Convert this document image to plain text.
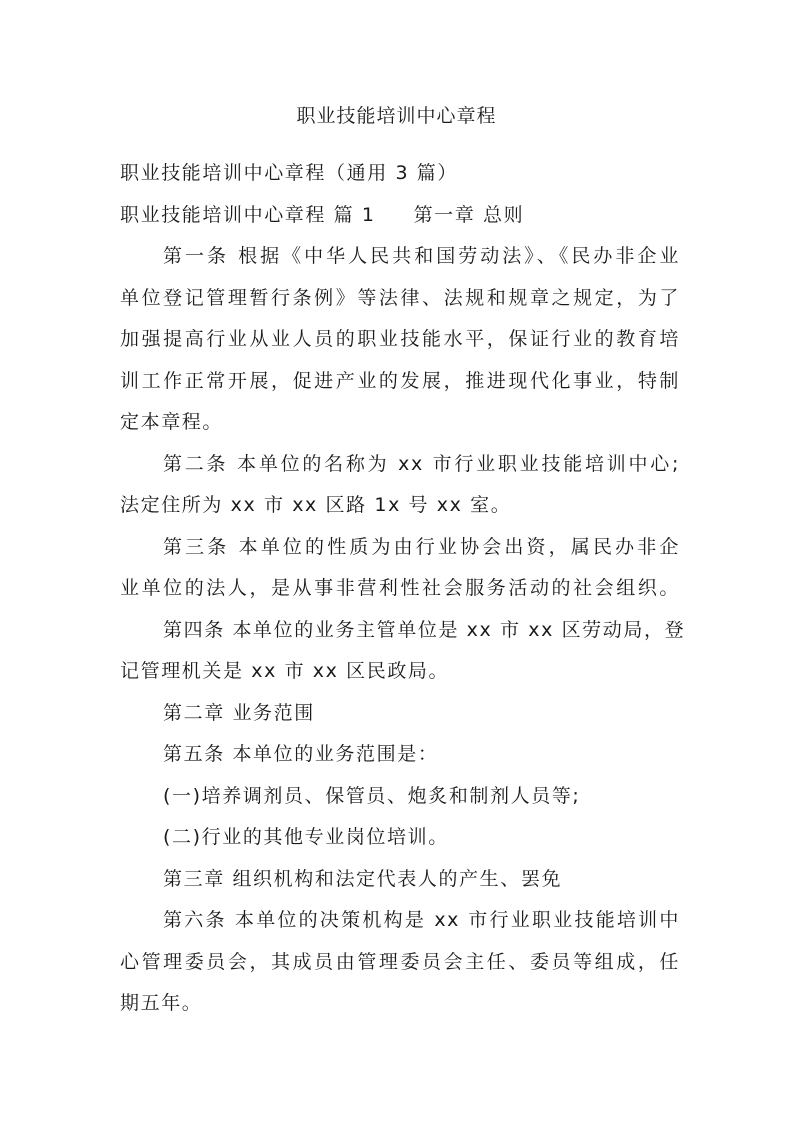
职业技能培训中心章程
职业技能培训中心章程（通用 3 篇）
职业技能培训中心章程 篇 1 第一章 总则
第一条 根据《中华人民共和国劳动法》、《民办非企业
单位登记管理暂行条例》等法律、法规和规章之规定，为了
加强提高行业从业人员的职业技能水平，保证行业的教育培
训工作正常开展，促进产业的发展，推进现代化事业，特制
定本章程。
第二条 本单位的名称为 xx 市行业职业技能培训中心;
法定住所为 xx 市 xx 区路 1x 号 xx 室。
第三条 本单位的性质为由行业协会出资，属民办非企
业单位的法人，是从事非营利性社会服务活动的社会组织。
第四条 本单位的业务主管单位是 xx 市 xx 区劳动局，登
记管理机关是 xx 市 xx 区民政局。
第二章 业务范围
第五条 本单位的业务范围是：
(一)培养调剂员、保管员、炮炙和制剂人员等;
(二)行业的其他专业岗位培训。
第三章 组织机构和法定代表人的产生、罢免
第六条 本单位的决策机构是 xx 市行业职业技能培训中
心管理委员会，其成员由管理委员会主任、委员等组成，任
期五年。
